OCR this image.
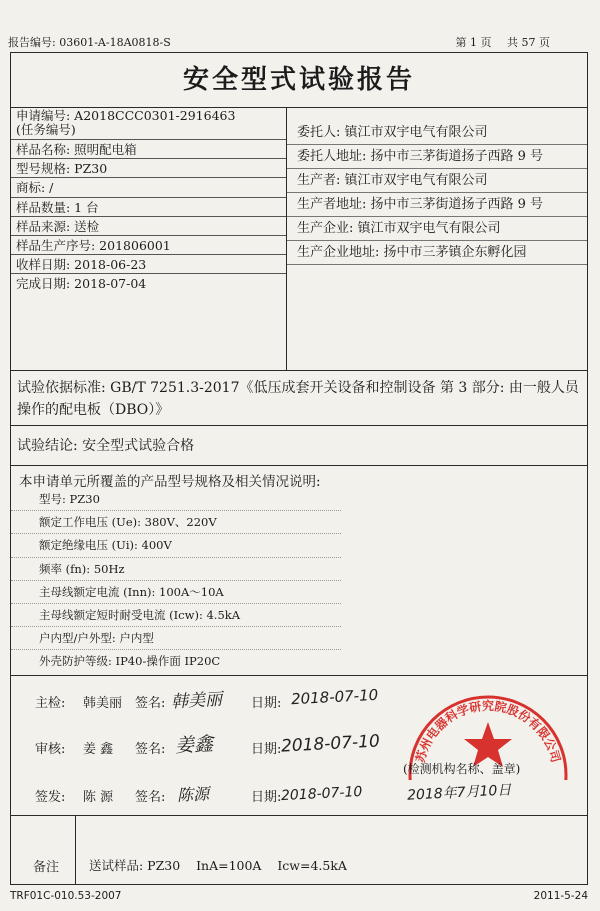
报告编号: 03601-A-18A0818-S	第 1 页 共 57 页
安全型式试验报告
申请编号: A2018CCC0301-2916463
(任务编号)
样品名称: 照明配电箱
型号规格: PZ30
商标: /
样品数量: 1 台
样品来源: 送检
样品生产序号: 201806001
收样日期: 2018-06-23
完成日期: 2018-07-04
委托人: 镇江市双宇电气有限公司
委托人地址: 扬中市三茅街道扬子西路 9 号
生产者: 镇江市双宇电气有限公司
生产者地址: 扬中市三茅街道扬子西路 9 号
生产企业: 镇江市双宇电气有限公司
生产企业地址: 扬中市三茅镇企东孵化园
试验依据标准: GB/T 7251.3-2017《低压成套开关设备和控制设备 第 3 部分: 由一般人员操作的配电板（DBO）》
试验结论: 安全型式试验合格
本申请单元所覆盖的产品型号规格及相关情况说明:
型号: PZ30
额定工作电压 (Ue): 380V、220V
额定绝缘电压 (Ui): 400V
频率 (fn): 50Hz
主母线额定电流 (Inn): 100A～10A
主母线额定短时耐受电流 (Icw): 4.5kA
户内型/户外型: 户内型
外壳防护等级: IP40-操作面 IP20C
主检: 韩美丽 签名: 韩美丽 日期: 2018-07-10
审核: 姜 鑫 签名: 姜鑫	日期: 2018-07-10
签发: 陈 源 签名: 陈源	日期: 2018-07-10
苏州电器科学研究院股份有限公司
(检测机构名称、盖章)
2018年7月10日
备注 送试样品: PZ30    InA=100A    Icw=4.5kA
TRF01C-010.53-2007	2011-5-24
